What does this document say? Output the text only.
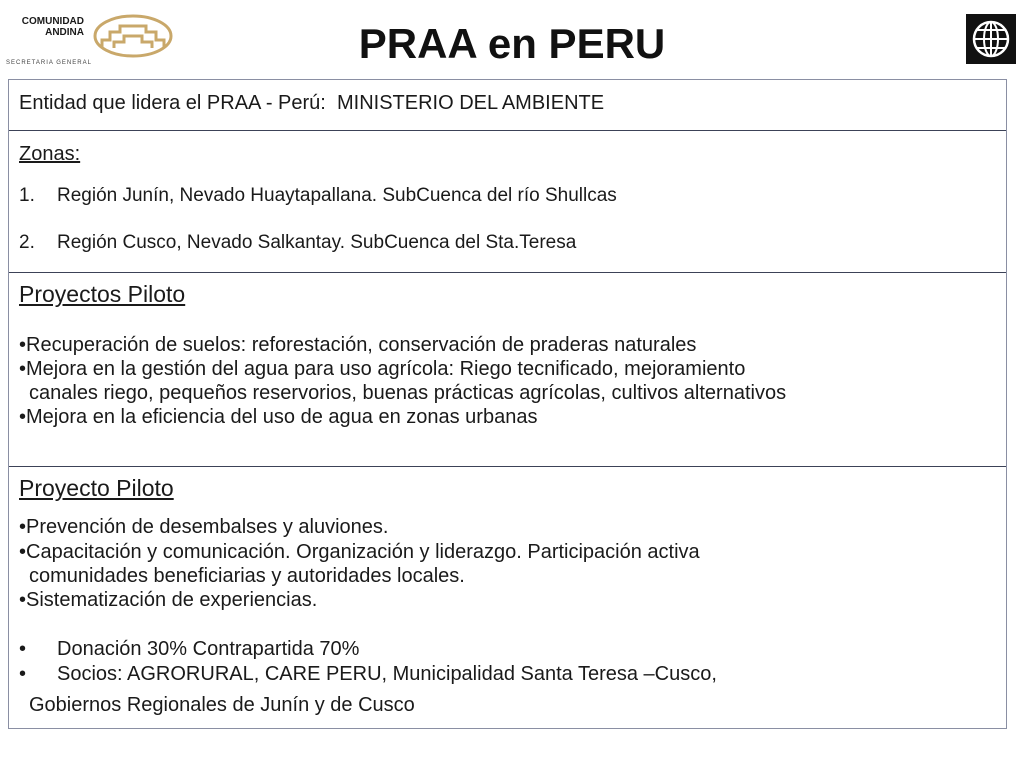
COMUNIDAD
ANDINA
SECRETARIA GENERAL	PRAA en PERU
Entidad que lidera el PRAA - Perú: MINISTERIO DEL AMBIENTE
Zonas:
1. Región Junín, Nevado Huaytapallana. SubCuenca del río Shullcas
2. Región Cusco, Nevado Salkantay. SubCuenca del Sta.Teresa
Proyectos Piloto
•Recuperación de suelos: reforestación, conservación de praderas naturales
•Mejora en la gestión del agua para uso agrícola: Riego tecnificado, mejoramiento
canales riego, pequeños reservorios, buenas prácticas agrícolas, cultivos alternativos
•Mejora en la eficiencia del uso de agua en zonas urbanas
Proyecto Piloto
•Prevención de desembalses y aluviones.
•Capacitación y comunicación. Organización y liderazgo. Participación activa
comunidades beneficiarias y autoridades locales.
•Sistematización de experiencias.
• Donación 30% Contrapartida 70%
• Socios: AGRORURAL, CARE PERU, Municipalidad Santa Teresa –Cusco,
Gobiernos Regionales de Junín y de Cusco
